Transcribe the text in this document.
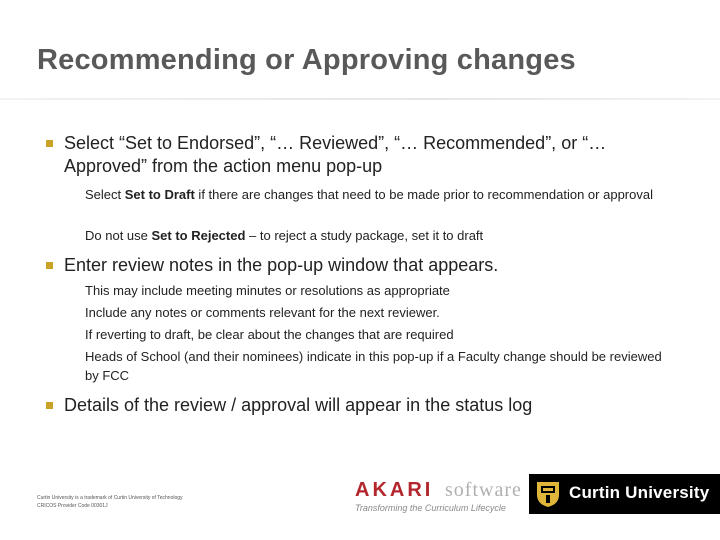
Recommending or Approving changes
Select “Set to Endorsed”, “… Reviewed”, “… Recommended”, or “…
Approved” from the action menu pop-up
Select Set to Draft if there are changes that need to be made prior to recommendation or approval
Do not use Set to Rejected – to reject a study package, set it to draft
Enter review notes in the pop-up window that appears.
This may include meeting minutes or resolutions as appropriate
Include any notes or comments relevant for the next reviewer.
If reverting to draft, be clear about the changes that are required
Heads of School (and their nominees) indicate in this pop-up if a Faculty change should be reviewed by FCC
Details of the review / approval will appear in the status log
Curtin University is a trademark of Curtin University of Technology
CRICOS Provider Code 00301J
AKARI software
Transforming the Curriculum Lifecycle
Curtin University
